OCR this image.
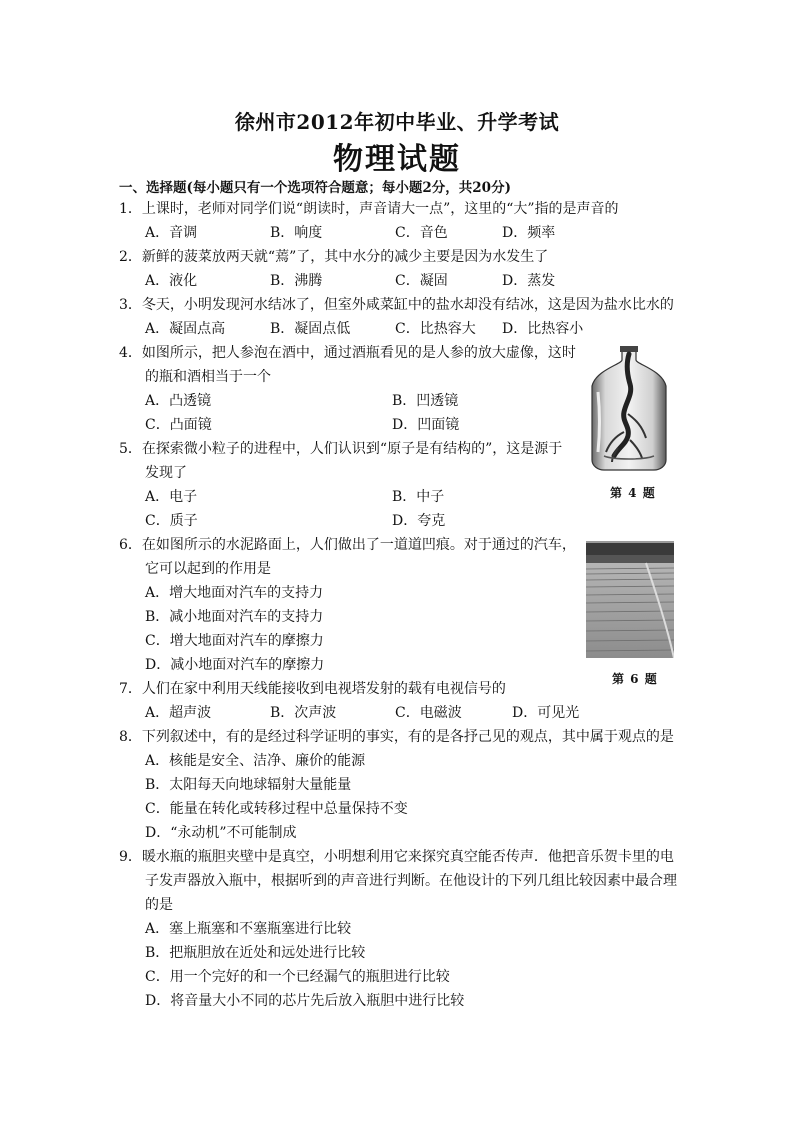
徐州市2012年初中毕业、升学考试
物理试题
一、选择题(每小题只有一个选项符合题意；每小题2分，共20分)
1．上课时，老师对同学们说“朗读时，声音请大一点”，这里的“大”指的是声音的
A．音调	B．响度	C．音色	D．频率
2．新鲜的菠菜放两天就“蔫”了，其中水分的减少主要是因为水发生了
A．液化	B．沸腾	C．凝固	D．蒸发
3．冬天，小明发现河水结冰了，但室外咸菜缸中的盐水却没有结冰，这是因为盐水比水的
A．凝固点高	B．凝固点低	C．比热容大 D．比热容小
4．如图所示，把人参泡在酒中，通过酒瓶看见的是人参的放大虚像，这时
的瓶和酒相当于一个
A．凸透镜	B．凹透镜
C．凸面镜	D．凹面镜
5．在探索微小粒子的进程中，人们认识到“原子是有结构的”，这是源于
发现了
A．电子	B．中子
C．质子	D．夸克
6．在如图所示的水泥路面上，人们做出了一道道凹痕。对于通过的汽车，
它可以起到的作用是
A．增大地面对汽车的支持力
B．减小地面对汽车的支持力
C．增大地面对汽车的摩擦力
D．减小地面对汽车的摩擦力
7．人们在家中利用天线能接收到电视塔发射的载有电视信号的
A．超声波	B．次声波	C．电磁波	D．可见光
8．下列叙述中，有的是经过科学证明的事实，有的是各抒己见的观点，其中属于观点的是
A．核能是安全、洁净、廉价的能源
B．太阳每天向地球辐射大量能量
C．能量在转化或转移过程中总量保持不变
D．“永动机”不可能制成
9．暖水瓶的瓶胆夹壁中是真空，小明想利用它来探究真空能否传声．他把音乐贺卡里的电
子发声器放入瓶中，根据听到的声音进行判断。在他设计的下列几组比较因素中最合理
的是
A．塞上瓶塞和不塞瓶塞进行比较
B．把瓶胆放在近处和远处进行比较
C．用一个完好的和一个已经漏气的瓶胆进行比较
D．将音量大小不同的芯片先后放入瓶胆中进行比较
第 4 题
第 6 题
